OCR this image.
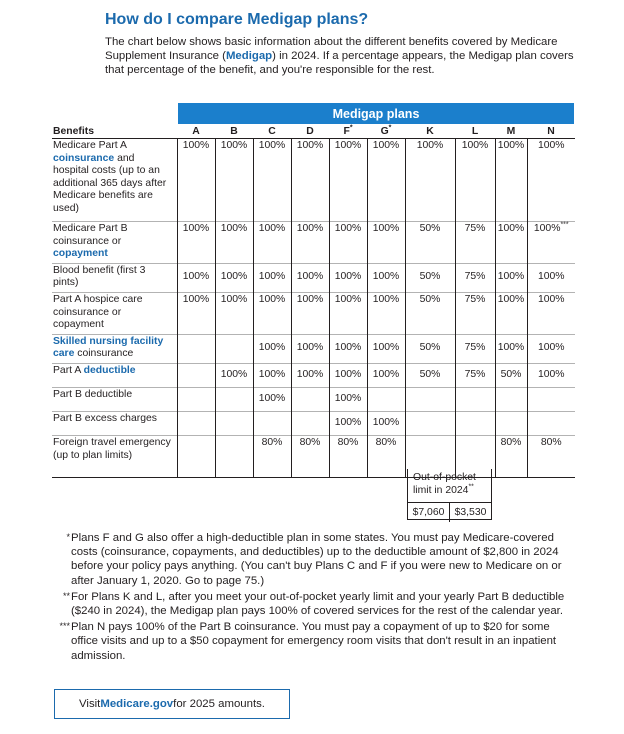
How do I compare Medigap plans?

The chart below shows basic information about the different benefits covered by Medicare Supplement Insurance (Medigap) in 2024. If a percentage appears, the Medigap plan covers that percentage of the benefit, and you're responsible for the rest.

Medigap plans
Benefits	A	B	C	D	F*	G*	K	L	M	N
Medicare Part A
coinsurance and hospital costs (up to an additional 365 days after Medicare benefits are used)	100%	100%	100%	100%	100%	100%	100%	100%	100%	100%
Medicare Part B coinsurance or
copayment	100%	100%	100%	100%	100%	100%	50%	75%	100%	100%***
Blood benefit (first 3 pints)	100%	100%	100%	100%	100%	100%	50%	75%	100%	100%
Part A hospice care coinsurance or copayment	100%	100%	100%	100%	100%	100%	50%	75%	100%	100%
Skilled nursing facility care coinsurance			100%	100%	100%	100%	50%	75%	100%	100%
Part A deductible		100%	100%	100%	100%	100%	50%	75%	50%	100%
Part B deductible			100%		100%					
Part B excess charges					100%	100%				
Foreign travel emergency (up to plan limits)			80%	80%	80%	80%			80%	80%
Out-of-pocket limit in 2024**
$7,060 $3,530
* Plans F and G also offer a high-deductible plan in some states. You must pay Medicare-covered costs (coinsurance, copayments, and deductibles) up to the deductible amount of $2,800 in 2024 before your policy pays anything. (You can't buy Plans C and F if you were new to Medicare on or after January 1, 2020. Go to page 75.)
** For Plans K and L, after you meet your out-of-pocket yearly limit and your yearly Part B deductible ($240 in 2024), the Medigap plan pays 100% of covered services for the rest of the calendar year.
*** Plan N pays 100% of the Part B coinsurance. You must pay a copayment of up to $20 for some office visits and up to a $50 copayment for emergency room visits that don't result in an inpatient admission.
Visit Medicare.gov for 2025 amounts.
